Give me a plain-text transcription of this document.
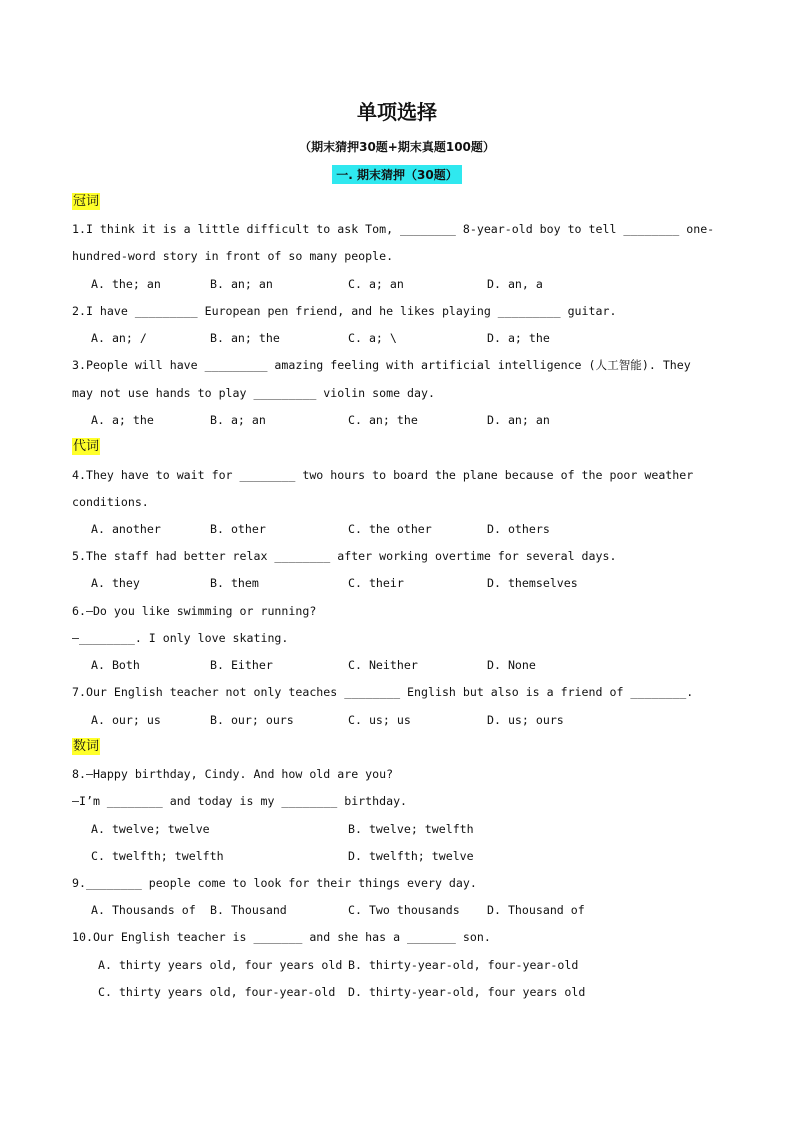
单项选择
（期末猜押30题+期末真题100题）
一. 期末猜押（30题）
冠词
1.I think it is a little difficult to ask Tom, ________ 8-year-old boy to tell ________ one-
hundred-word story in front of so many people.
A. the; an	B. an; an	C. a; an	D. an, a
2.I have _________ European pen friend, and he likes playing _________ guitar.
A. an; /	B. an; the	C. a; \	D. a; the
3.People will have _________ amazing feeling with artificial intelligence (人工智能). They
may not use hands to play _________ violin some day.
A. a; the	B. a; an	C. an; the	D. an; an
代词
4.They have to wait for ________ two hours to board the plane because of the poor weather
conditions.
A. another	B. other	C. the other	D. others
5.The staff had better relax ________ after working overtime for several days.
A. they	B. them	C. their	D. themselves
6.—Do you like swimming or running?
—________. I only love skating.
A. Both	B. Either	C. Neither	D. None
7.Our English teacher not only teaches ________ English but also is a friend of ________.
A. our; us	B. our; ours	C. us; us	D. us; ours
数词
8.—Happy birthday, Cindy. And how old are you?
—I’m ________ and today is my ________ birthday.
A. twelve; twelve	B. twelve; twelfth
C. twelfth; twelfth	D. twelfth; twelve
9.________ people come to look for their things every day.
A. Thousands of B. Thousand	C. Two thousands D. Thousand of
10.Our English teacher is _______ and she has a _______ son.
A. thirty years old, four years old B. thirty-year-old, four-year-old
C. thirty years old, four-year-old D. thirty-year-old, four years old
